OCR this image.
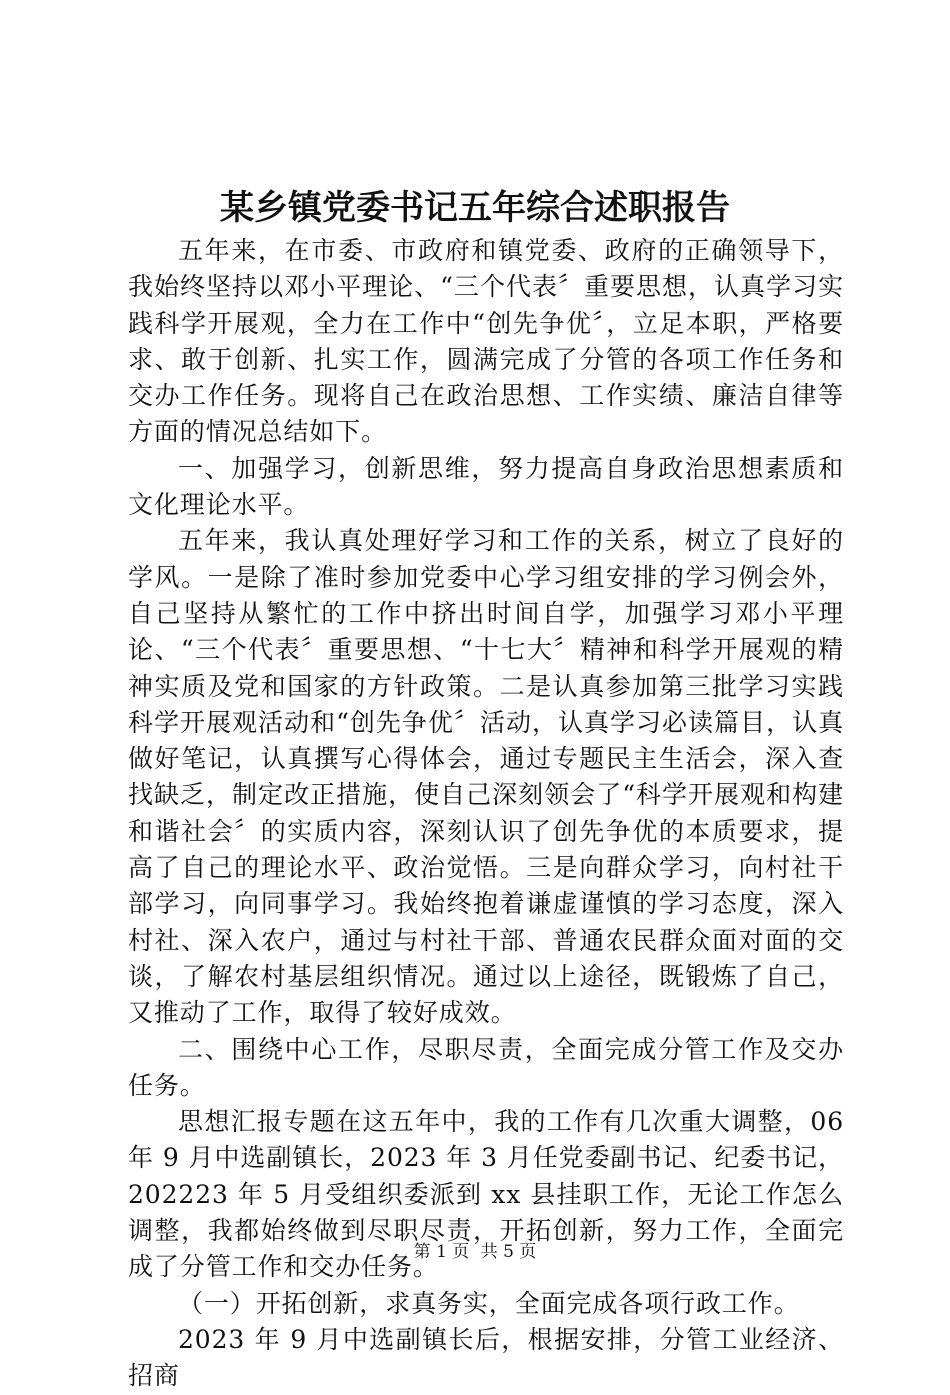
某乡镇党委书记五年综合述职报告

五年来，在市委、市政府和镇党委、政府的正确领导下，我始终坚持以邓小平理论、“三个代表〞重要思想，认真学习实践科学开展观，全力在工作中“创先争优〞，立足本职，严格要求、敢于创新、扎实工作，圆满完成了分管的各项工作任务和交办工作任务。现将自己在政治思想、工作实绩、廉洁自律等方面的情况总结如下。

一、加强学习，创新思维，努力提高自身政治思想素质和文化理论水平。

五年来，我认真处理好学习和工作的关系，树立了良好的学风。一是除了准时参加党委中心学习组安排的学习例会外，自己坚持从繁忙的工作中挤出时间自学，加强学习邓小平理论、“三个代表〞重要思想、“十七大〞精神和科学开展观的精神实质及党和国家的方针政策。二是认真参加第三批学习实践科学开展观活动和“创先争优〞活动，认真学习必读篇目，认真做好笔记，认真撰写心得体会，通过专题民主生活会，深入查找缺乏，制定改正措施，使自己深刻领会了“科学开展观和构建和谐社会〞的实质内容，深刻认识了创先争优的本质要求，提高了自己的理论水平、政治觉悟。三是向群众学习，向村社干部学习，向同事学习。我始终抱着谦虚谨慎的学习态度，深入村社、深入农户，通过与村社干部、普通农民群众面对面的交谈，了解农村基层组织情况。通过以上途径，既锻炼了自己，又推动了工作，取得了较好成效。

二、围绕中心工作，尽职尽责，全面完成分管工作及交办任务。

思想汇报专题在这五年中，我的工作有几次重大调整，06 年 9 月中选副镇长，2023 年 3 月任党委副书记、纪委书记，202223 年 5 月受组织委派到 xx 县挂职工作，无论工作怎么调整，我都始终做到尽职尽责，开拓创新，努力工作，全面完成了分管工作和交办任务。

（一）开拓创新，求真务实，全面完成各项行政工作。

2023 年 9 月中选副镇长后，根据安排，分管工业经济、招商

第 1 页 共 5 页
